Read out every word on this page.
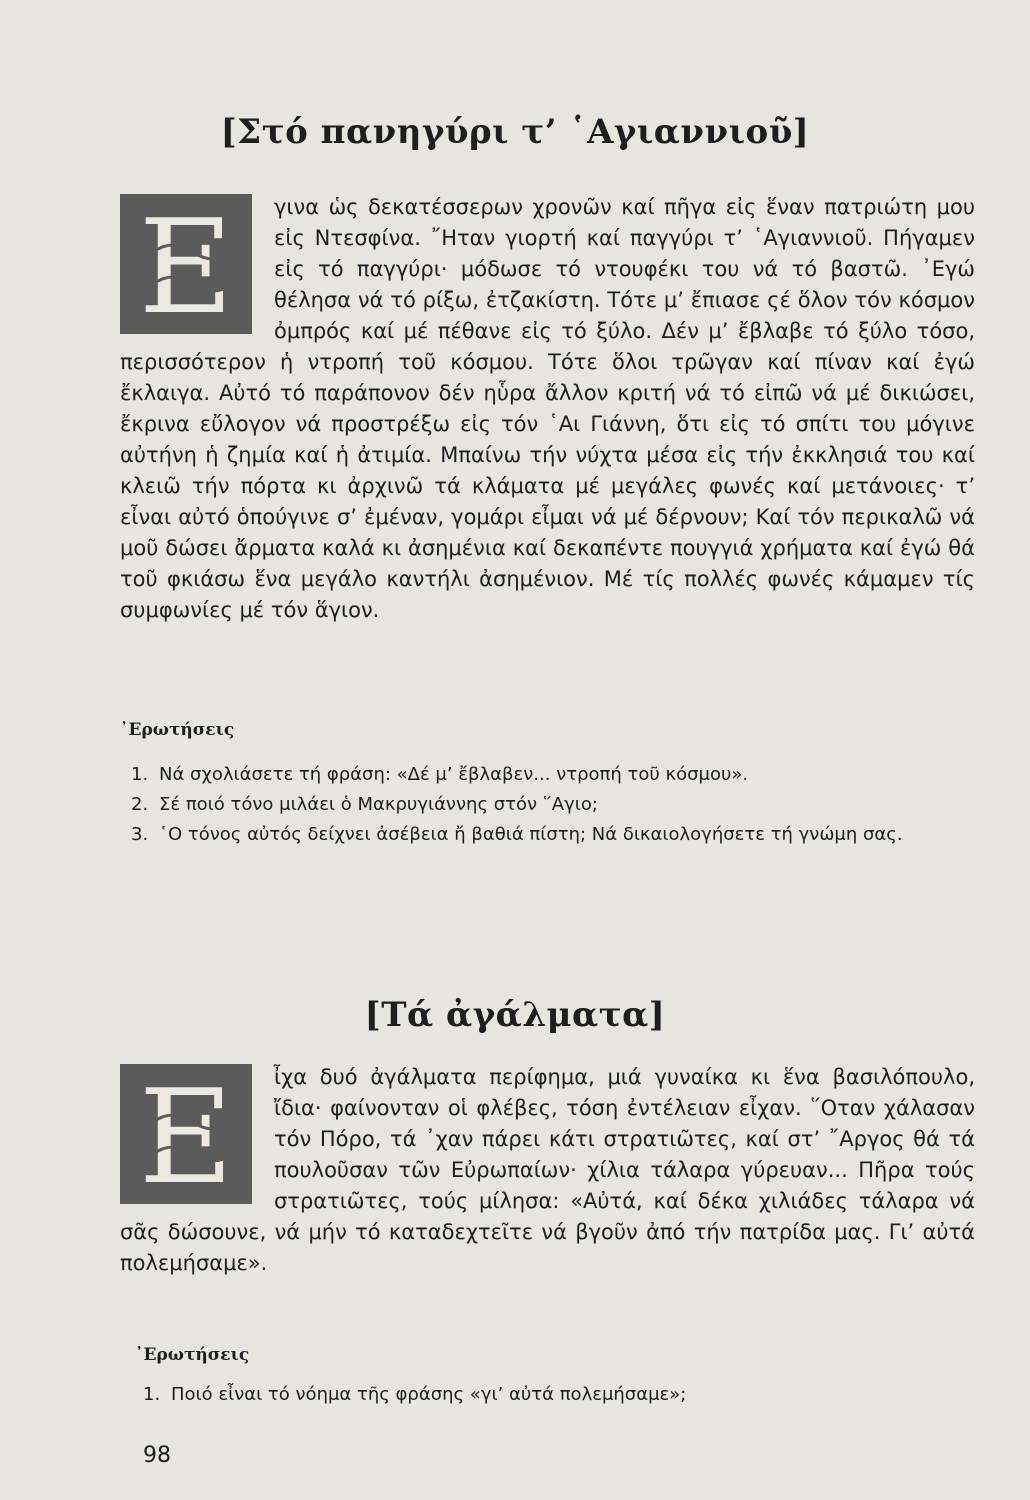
[Στό πανηγύρι τ’ ῾Αγιαννιοῦ]
Ε γινα ὡς δεκατέσσερων χρονῶν καί πῆγα εἰς ἕναν πατριώτη μου εἰς Ντεσφίνα. ῎Ηταν γιορτή καί παγγύρι τ’ ῾Αγιαννιοῦ. Πήγαμεν εἰς τό παγγύρι· μόδωσε τό ντουφέκι του νά τό βαστῶ. ᾿Εγώ θέλησα νά τό ρίξω, ἐτζακίστη. Τότε μ’ ἔπιασε ςέ ὅλον τόν κόσμον ὀμπρός καί μέ πέθανε εἰς τό ξύλο. Δέν μ’ ἔβλαβε τό ξύλο τόσο, περισσότερον ἡ ντροπή τοῦ κόσμου. Τότε ὅλοι τρῶγαν καί πίναν καί ἐγώ ἔκλαιγα. Αὐτό τό παράπονον δέν ηὗρα ἄλλον κριτή νά τό εἰπῶ νά μέ δικιώσει, ἔκρινα εὔλογον νά προστρέξω εἰς τόν ῾Αι Γιάννη, ὅτι εἰς τό σπίτι του μόγινε αὐτήνη ἡ ζημία καί ἡ ἀτιμία. Μπαίνω τήν νύχτα μέσα εἰς τήν ἐκκλησιά του καί κλειῶ τήν πόρτα κι ἀρχινῶ τά κλάματα μέ μεγάλες φωνές καί μετάνοιες· τ’ εἶναι αὐτό ὁπούγινε σ’ ἐμέναν, γομάρι εἶμαι νά μέ δέρνουν; Καί τόν περικαλῶ νά μοῦ δώσει ἄρματα καλά κι ἀσημένια καί δεκαπέντε πουγγιά χρήματα καί ἐγώ θά τοῦ φκιάσω ἕνα μεγάλο καντήλι ἀσημένιον. Μέ τίς πολλές φωνές κάμαμεν τίς συμφωνίες μέ τόν ἅγιον.
᾿Ερωτήσεις
1. Νά σχολιάσετε τή φράση: «Δέ μ’ ἔβλαβεν... ντροπή τοῦ κόσμου».
2. Σέ ποιό τόνο μιλάει ὁ Μακρυγιάννης στόν ῞Αγιο;
3. ῾Ο τόνος αὐτός δείχνει ἀσέβεια ἤ βαθιά πίστη; Νά δικαιολογήσετε τή γνώμη σας.
[Τά ἀγάλματα]
Ε ἶχα δυό ἀγάλματα περίφημα, μιά γυναίκα κι ἕνα βασιλόπουλο, ἴδια· φαίνονταν οἱ φλέβες, τόση ἐντέλειαν εἶχαν. ῞Οταν χάλασαν τόν Πόρο, τά ᾽χαν πάρει κάτι στρατιῶτες, καί στ’ ῎Αργος θά τά πουλοῦσαν τῶν Εὐρωπαίων· χίλια τάλαρα γύρευαν... Πῆρα τούς στρατιῶτες, τούς μίλησα: «Αὐτά, καί δέκα χιλιάδες τάλαρα νά σᾶς δώσουνε, νά μήν τό καταδεχτεῖτε νά βγοῦν ἀπό τήν πατρίδα μας. Γι’ αὐτά πολεμήσαμε».
᾿Ερωτήσεις
1. Ποιό εἶναι τό νόημα τῆς φράσης «γι’ αὐτά πολεμήσαμε»;

98
